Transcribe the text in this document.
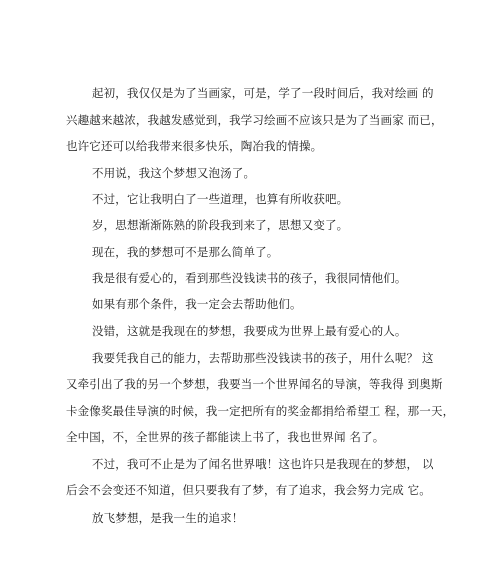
起初，我仅仅是为了当画家，可是，学了一段时间后，我对绘画 的

兴趣越来越浓，我越发感觉到，我学习绘画不应该只是为了当画家 而已，

也许它还可以给我带来很多快乐，陶冶我的情操。

不用说，我这个梦想又泡汤了。

不过，它让我明白了一些道理，也算有所收获吧。

岁，思想渐渐陈熟的阶段我到来了，思想又变了。

现在，我的梦想可不是那么简单了。

我是很有爱心的，看到那些没钱读书的孩子，我很同情他们。

如果有那个条件，我一定会去帮助他们。

没错，这就是我现在的梦想，我要成为世界上最有爱心的人。

我要凭我自己的能力，去帮助那些没钱读书的孩子，用什么呢？ 这

又牵引出了我的另一个梦想，我要当一个世界闻名的导演，等我得 到奥斯

卡金像奖最佳导演的时候，我一定把所有的奖金都捐给希望工 程，那一天，

全中国，不，全世界的孩子都能读上书了，我也世界闻 名了。

不过，我可不止是为了闻名世界哦！这也许只是我现在的梦想， 以

后会不会变还不知道，但只要我有了梦，有了追求，我会努力完成 它。

放飞梦想，是我一生的追求！
